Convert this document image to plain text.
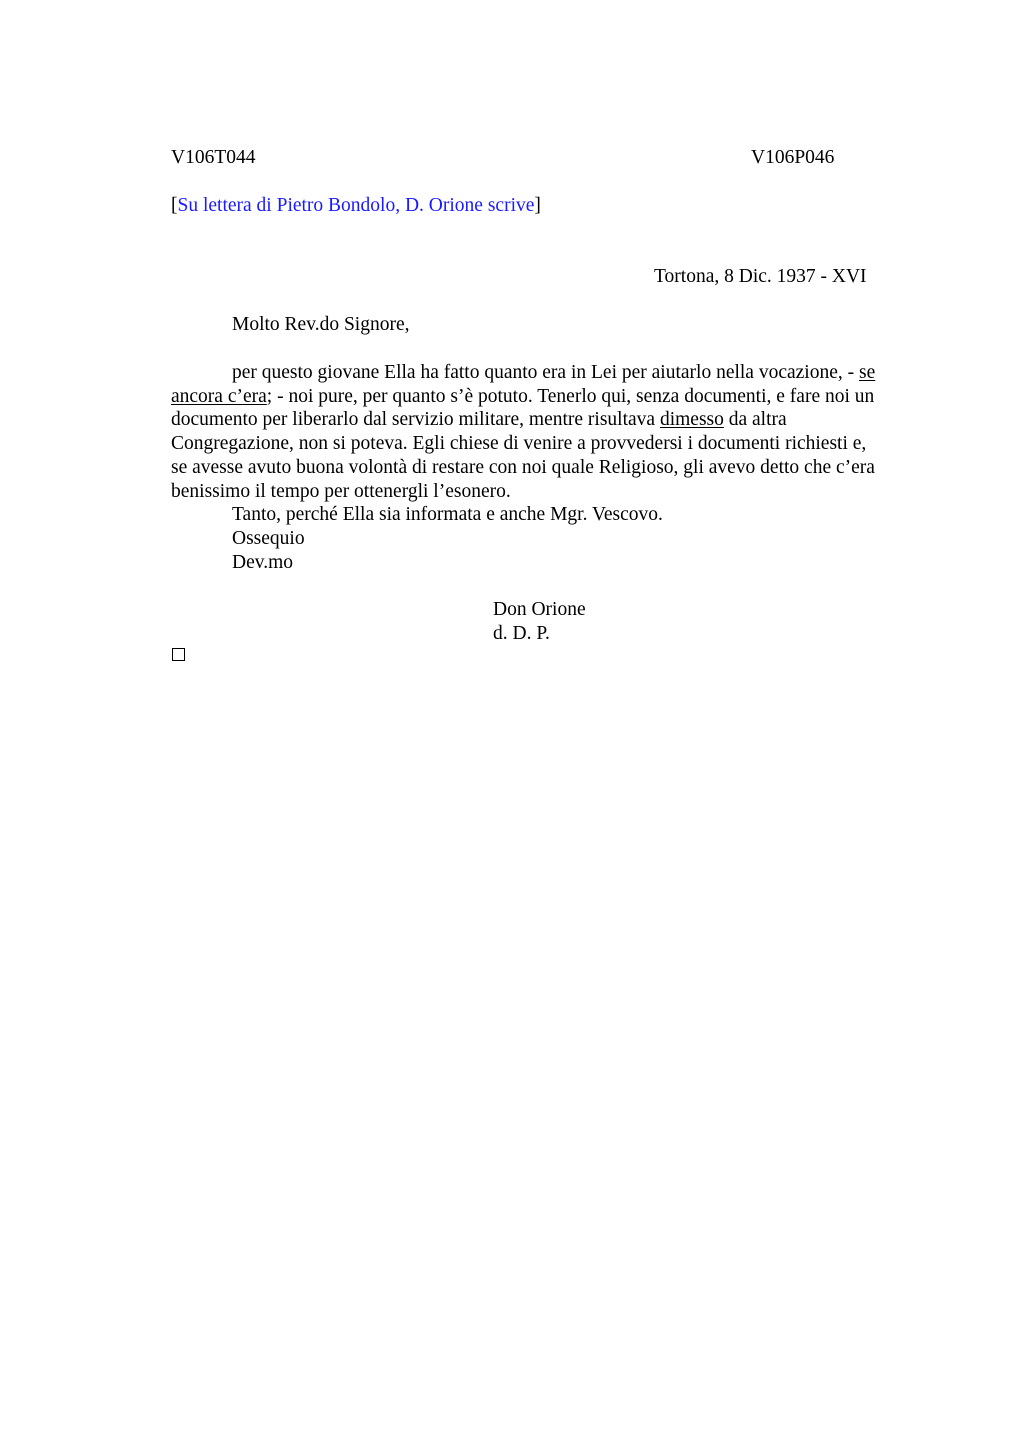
V106T044	V106P046
[Su lettera di Pietro Bondolo, D. Orione scrive]
Tortona, 8 Dic. 1937 - XVI
Molto Rev.do Signore,
per questo giovane Ella ha fatto quanto era in Lei per aiutarlo nella vocazione, - se
ancora c’era; - noi pure, per quanto s’è potuto. Tenerlo qui, senza documenti, e fare noi un
documento per liberarlo dal servizio militare, mentre risultava dimesso da altra
Congregazione, non si poteva. Egli chiese di venire a provvedersi i documenti richiesti e,
se avesse avuto buona volontà di restare con noi quale Religioso, gli avevo detto che c’era
benissimo il tempo per ottenergli l’esonero.
Tanto, perché Ella sia informata e anche Mgr. Vescovo.
Ossequio
Dev.mo
Don Orione
d. D. P.
